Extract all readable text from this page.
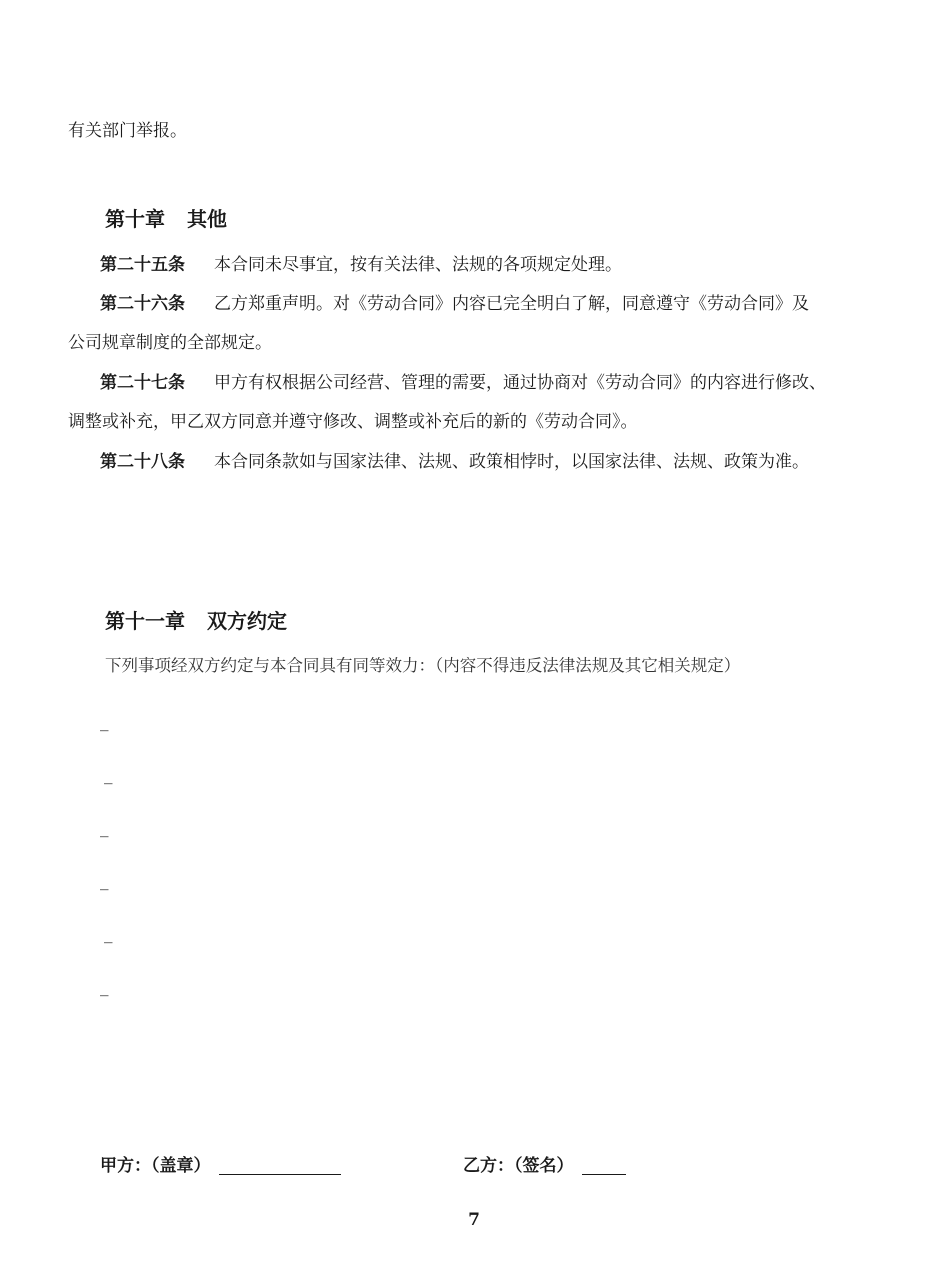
有关部门举报。
第十章 其他
第二十五条 本合同未尽事宜，按有关法律、法规的各项规定处理。
第二十六条 乙方郑重声明。对《劳动合同》内容已完全明白了解，同意遵守《劳动合同》及
公司规章制度的全部规定。
第二十七条 甲方有权根据公司经营、管理的需要，通过协商对《劳动合同》的内容进行修改、
调整或补充，甲乙双方同意并遵守修改、调整或补充后的新的《劳动合同》。
第二十八条 本合同条款如与国家法律、法规、政策相悖时，以国家法律、法规、政策为准。
第十一章 双方约定
下列事项经双方约定与本合同具有同等效力：（内容不得违反法律法规及其它相关规定）
_
_
_
_
_
_
甲方：（盖章）	乙方：（签名）
7
